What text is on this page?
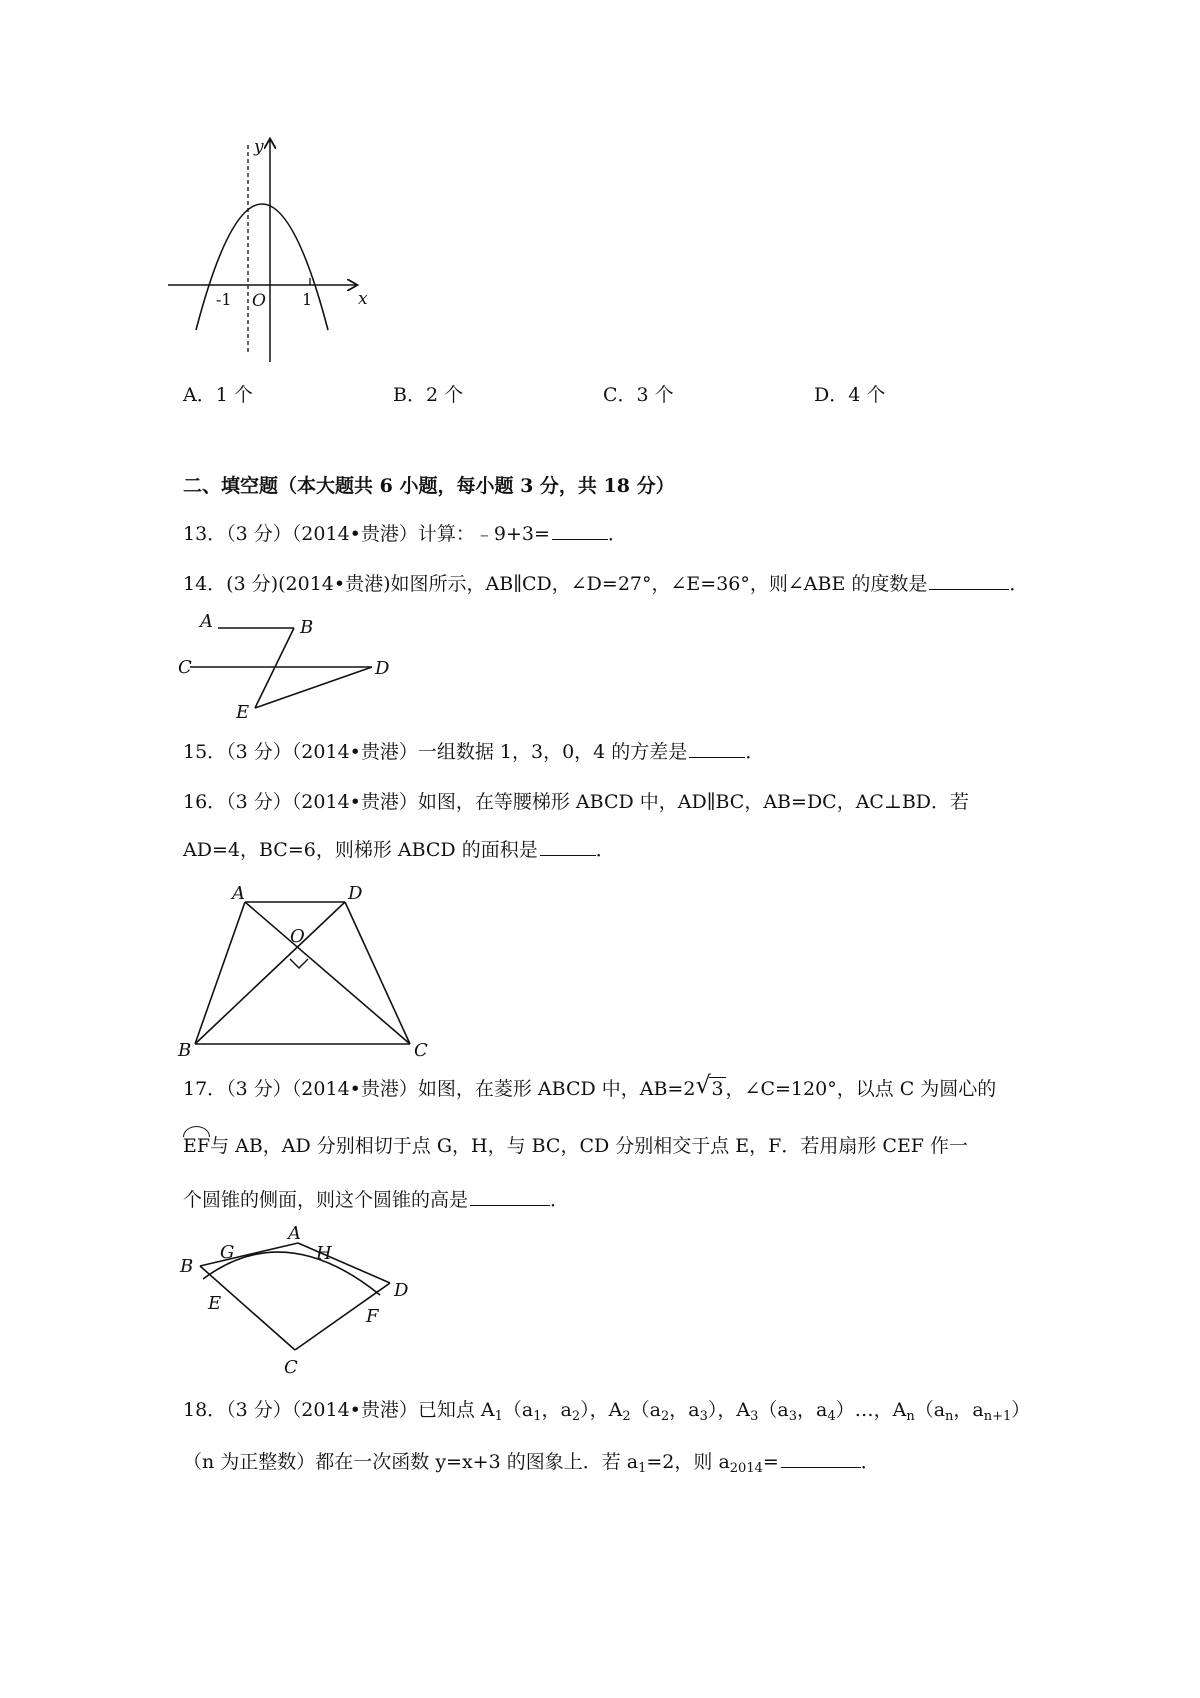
y
x
O
-1	1
A．1 个	B．2 个	C．3 个	D．4 个
二、填空题（本大题共 6 小题，每小题 3 分，共 18 分）
13．（3 分）（2014•贵港）计算：﹣9+3=	．
14．(3 分)(2014•贵港)如图所示，AB∥CD，∠D=27°，∠E=36°，则∠ABE 的度数是	．
A	B
C	D
E
15．（3 分）（2014•贵港）一组数据 1，3，0，4 的方差是	．
16．（3 分）（2014•贵港）如图，在等腰梯形 ABCD 中，AD∥BC，AB=DC，AC⊥BD．若
AD=4，BC=6，则梯形 ABCD 的面积是	．
A	D
O
B	C
17．（3 分）（2014•贵港）如图，在菱形 ABCD 中，AB=2 √ 3 ，∠C=120°，以点 C 为圆心的
EF与 AB，AD 分别相切于点 G，H，与 BC，CD 分别相交于点 E，F．若用扇形 CEF 作一
个圆锥的侧面，则这个圆锥的高是	．
A
G	H
B
D
E
F
C
18．（3 分）（2014•贵港）已知点 $A_1(a_1$，$a_2$），$A_2(a_2$，$a_3$），$A_3(a_3$，$a_4)\dots$，$A_n(a_n$，$a_{n+1}$）
（n 为正整数）都在一次函数 y=x+3 的图象上．若 $a_1=2$，则 $a_{2014}=$	．
